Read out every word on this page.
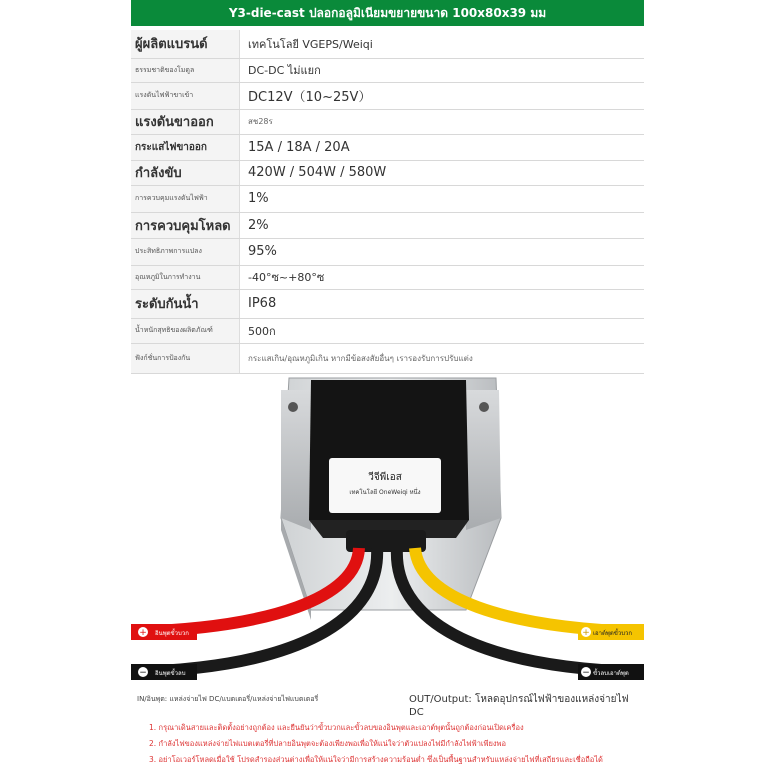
Y3-die-cast ปลอกอลูมิเนียมขยายขนาด 100x80x39 มม
ผู้ผลิตแบรนด์	เทคโนโลยี VGEPS/Weiqi
ธรรมชาติของโมดูล	DC-DC ไม่แยก
แรงดันไฟฟ้าขาเข้า	DC12V（10~25V）
แรงดันขาออก	สช28ร
กระแสไฟขาออก	15A / 18A / 20A
กำลังขับ	420W / 504W / 580W
การควบคุมแรงดันไฟฟ้า	1%
การควบคุมโหลด	2%
ประสิทธิภาพการแปลง	95%
อุณหภูมิในการทำงาน	-40°ซ~+80°ซ
ระดับกันน้ำ	IP68
น้ำหนักสุทธิของผลิตภัณฑ์	500ก
ฟังก์ชั่นการป้องกัน	กระแสเกิน/อุณหภูมิเกิน หากมีข้อสงสัยอื่นๆ เรารองรับการปรับแต่ง
วีจีพีเอส
เทคโนโลยี OneWeiqi หนึ่ง
อินพุตขั้วบวก
+
อินพุตขั้วลบ
−
เอาต์พุตขั้วบวก
+
ขั้วลบเอาต์พุต
−
IN/อินพุต: แหล่งจ่ายไฟ DC/แบตเตอรี่/แหล่งจ่ายไฟแบตเตอรี่	OUT/Output: โหลดอุปกรณ์ไฟฟ้าของแหล่งจ่ายไฟ DC
1. กรุณาเดินสายและติดตั้งอย่างถูกต้อง และยืนยันว่าขั้วบวกและขั้วลบของอินพุตและเอาต์พุตนั้นถูกต้องก่อนเปิดเครื่อง
2. กำลังไฟของแหล่งจ่ายไฟแบตเตอรี่ที่ปลายอินพุตจะต้องเพียงพอเพื่อให้แน่ใจว่าตัวแปลงไฟมีกำลังไฟฟ้าเพียงพอ
3. อย่าโอเวอร์โหลดเมื่อใช้ โปรดสำรองส่วนต่างเพื่อให้แน่ใจว่ามีการสร้างความร้อนต่ำ ซึ่งเป็นพื้นฐานสำหรับแหล่งจ่ายไฟที่เสถียรและเชื่อถือได้
